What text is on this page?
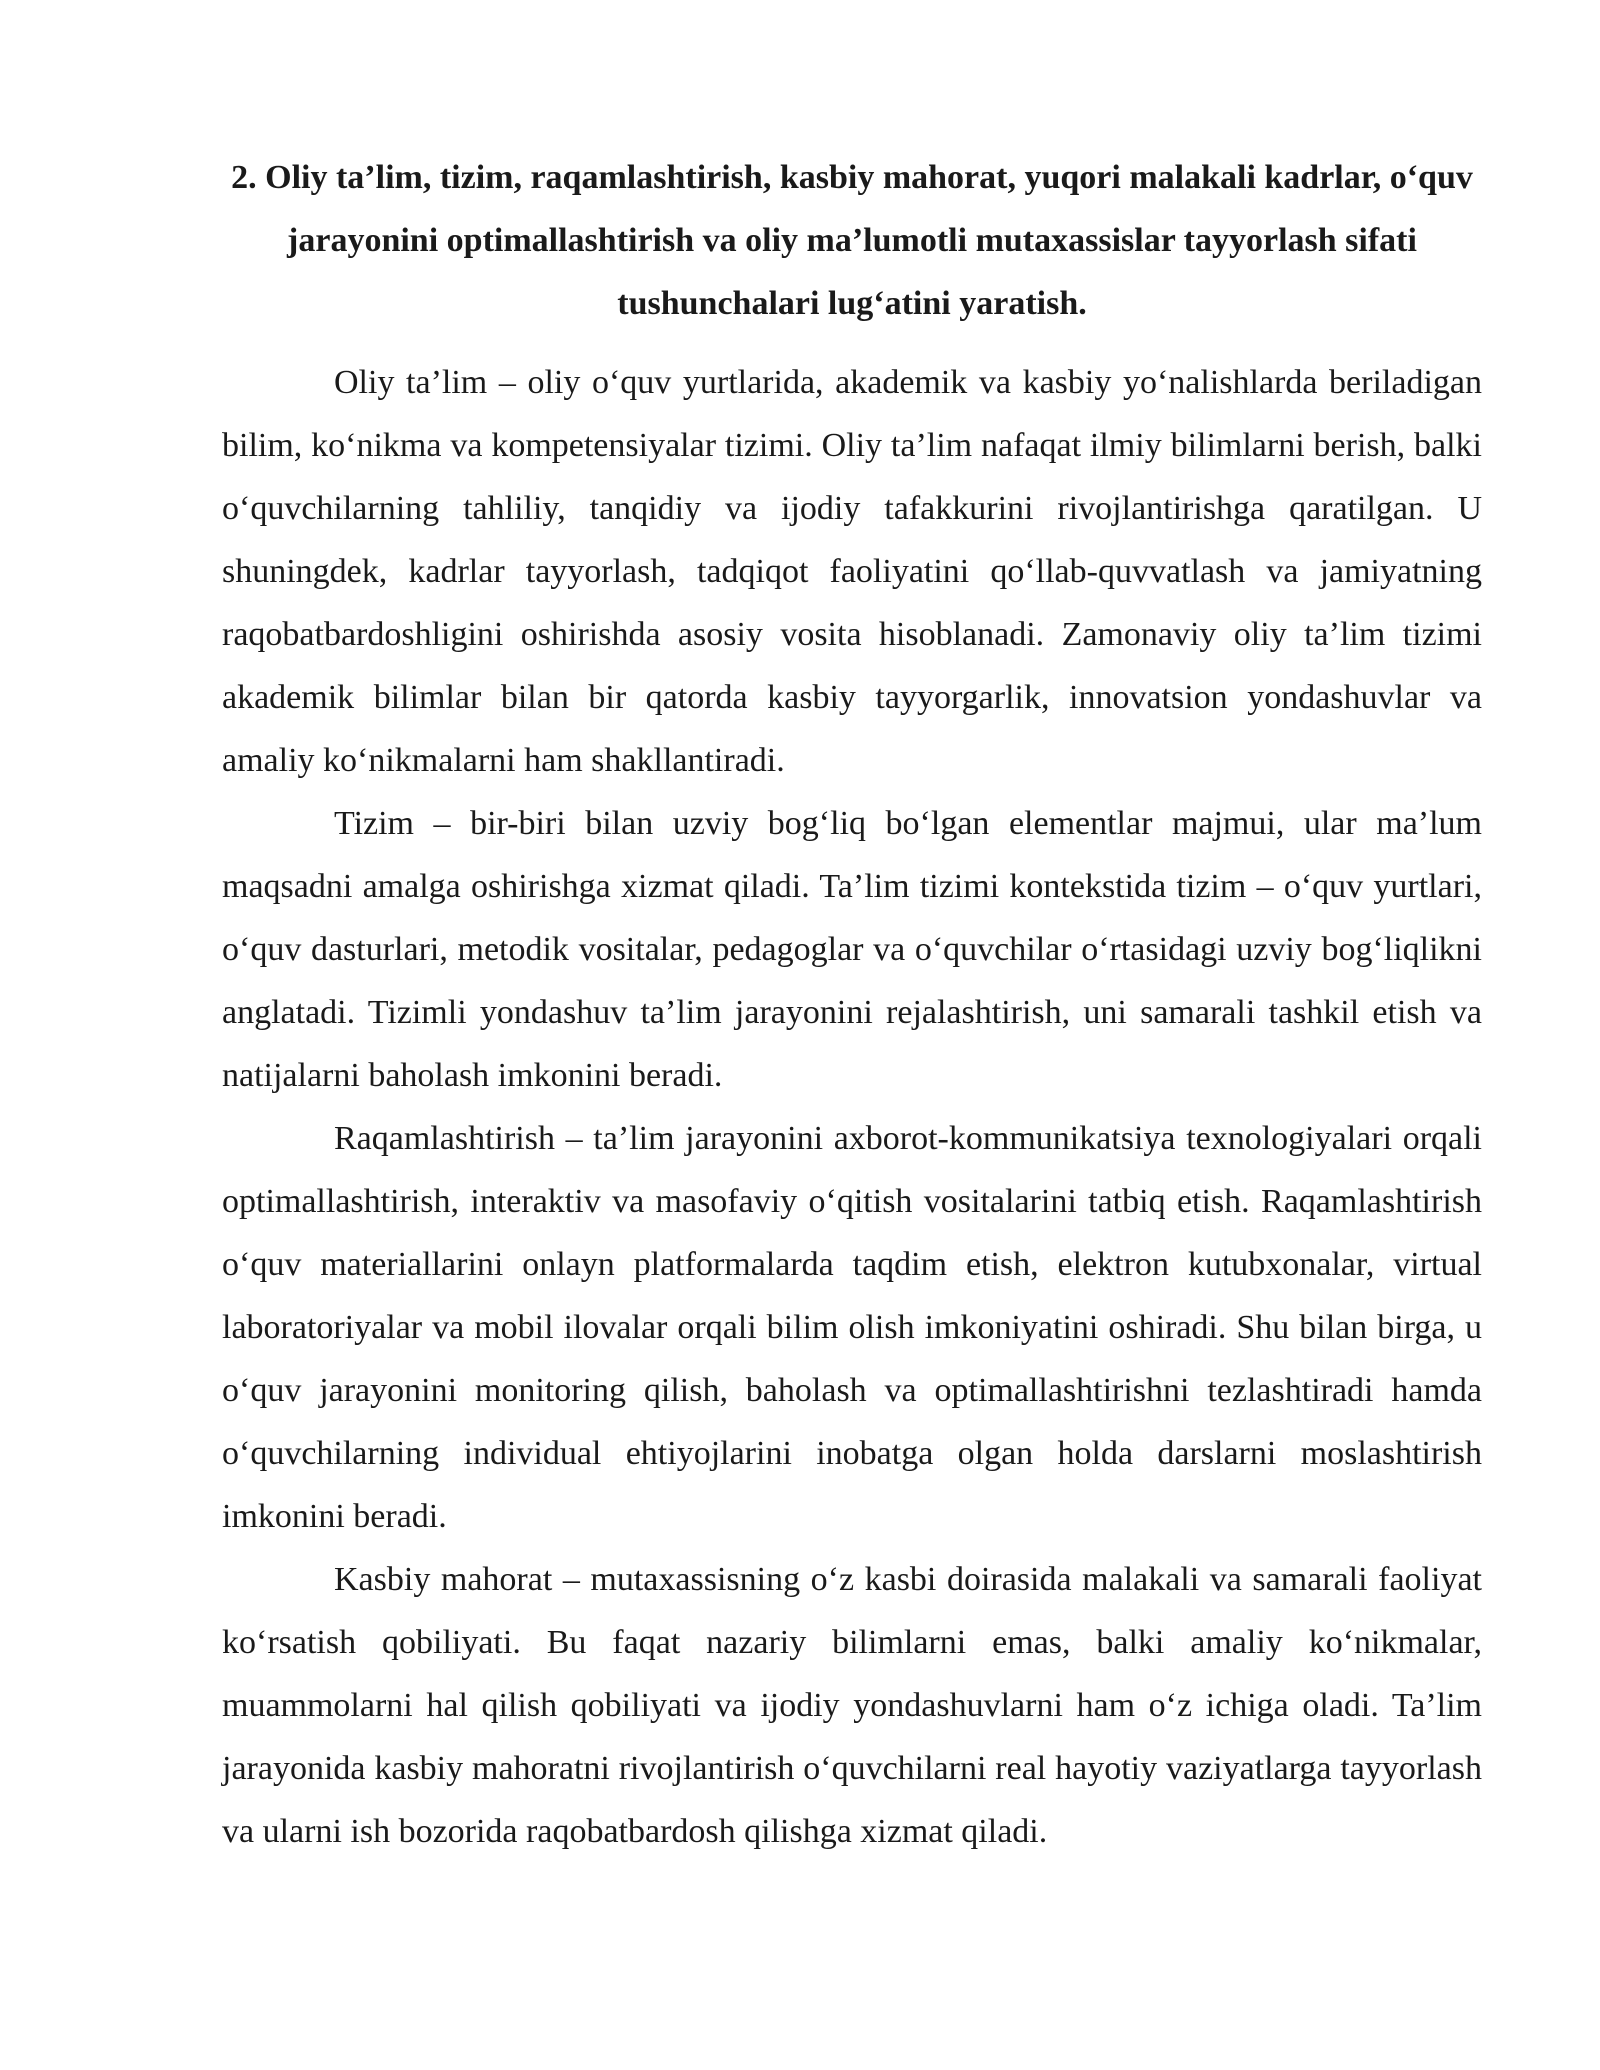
2. Oliy ta’lim, tizim, raqamlashtirish, kasbiy mahorat, yuqori malakali kadrlar, o‘quv jarayonini optimallashtirish va oliy ma’lumotli mutaxassislar tayyorlash sifati tushunchalari lug‘atini yaratish.

Oliy ta’lim – oliy o‘quv yurtlarida, akademik va kasbiy yo‘nalishlarda beriladigan bilim, ko‘nikma va kompetensiyalar tizimi. Oliy ta’lim nafaqat ilmiy bilimlarni berish, balki o‘quvchilarning tahliliy, tanqidiy va ijodiy tafakkurini rivojlantirishga qaratilgan. U shuningdek, kadrlar tayyorlash, tadqiqot faoliyatini qo‘llab-quvvatlash va jamiyatning raqobatbardoshligini oshirishda asosiy vosita hisoblanadi. Zamonaviy oliy ta’lim tizimi akademik bilimlar bilan bir qatorda kasbiy tayyorgarlik, innovatsion yondashuvlar va amaliy ko‘nikmalarni ham shakllantiradi.

Tizim – bir-biri bilan uzviy bog‘liq bo‘lgan elementlar majmui, ular ma’lum maqsadni amalga oshirishga xizmat qiladi. Ta’lim tizimi kontekstida tizim – o‘quv yurtlari, o‘quv dasturlari, metodik vositalar, pedagoglar va o‘quvchilar o‘rtasidagi uzviy bog‘liqlikni anglatadi. Tizimli yondashuv ta’lim jarayonini rejalashtirish, uni samarali tashkil etish va natijalarni baholash imkonini beradi.

Raqamlashtirish – ta’lim jarayonini axborot-kommunikatsiya texnologiyalari orqali optimallashtirish, interaktiv va masofaviy o‘qitish vositalarini tatbiq etish. Raqamlashtirish o‘quv materiallarini onlayn platformalarda taqdim etish, elektron kutubxonalar, virtual laboratoriyalar va mobil ilovalar orqali bilim olish imkoniyatini oshiradi. Shu bilan birga, u o‘quv jarayonini monitoring qilish, baholash va optimallashtirishni tezlashtiradi hamda o‘quvchilarning individual ehtiyojlarini inobatga olgan holda darslarni moslashtirish imkonini beradi.

Kasbiy mahorat – mutaxassisning o‘z kasbi doirasida malakali va samarali faoliyat ko‘rsatish qobiliyati. Bu faqat nazariy bilimlarni emas, balki amaliy ko‘nikmalar, muammolarni hal qilish qobiliyati va ijodiy yondashuvlarni ham o‘z ichiga oladi. Ta’lim jarayonida kasbiy mahoratni rivojlantirish o‘quvchilarni real hayotiy vaziyatlarga tayyorlash va ularni ish bozorida raqobatbardosh qilishga xizmat qiladi.
